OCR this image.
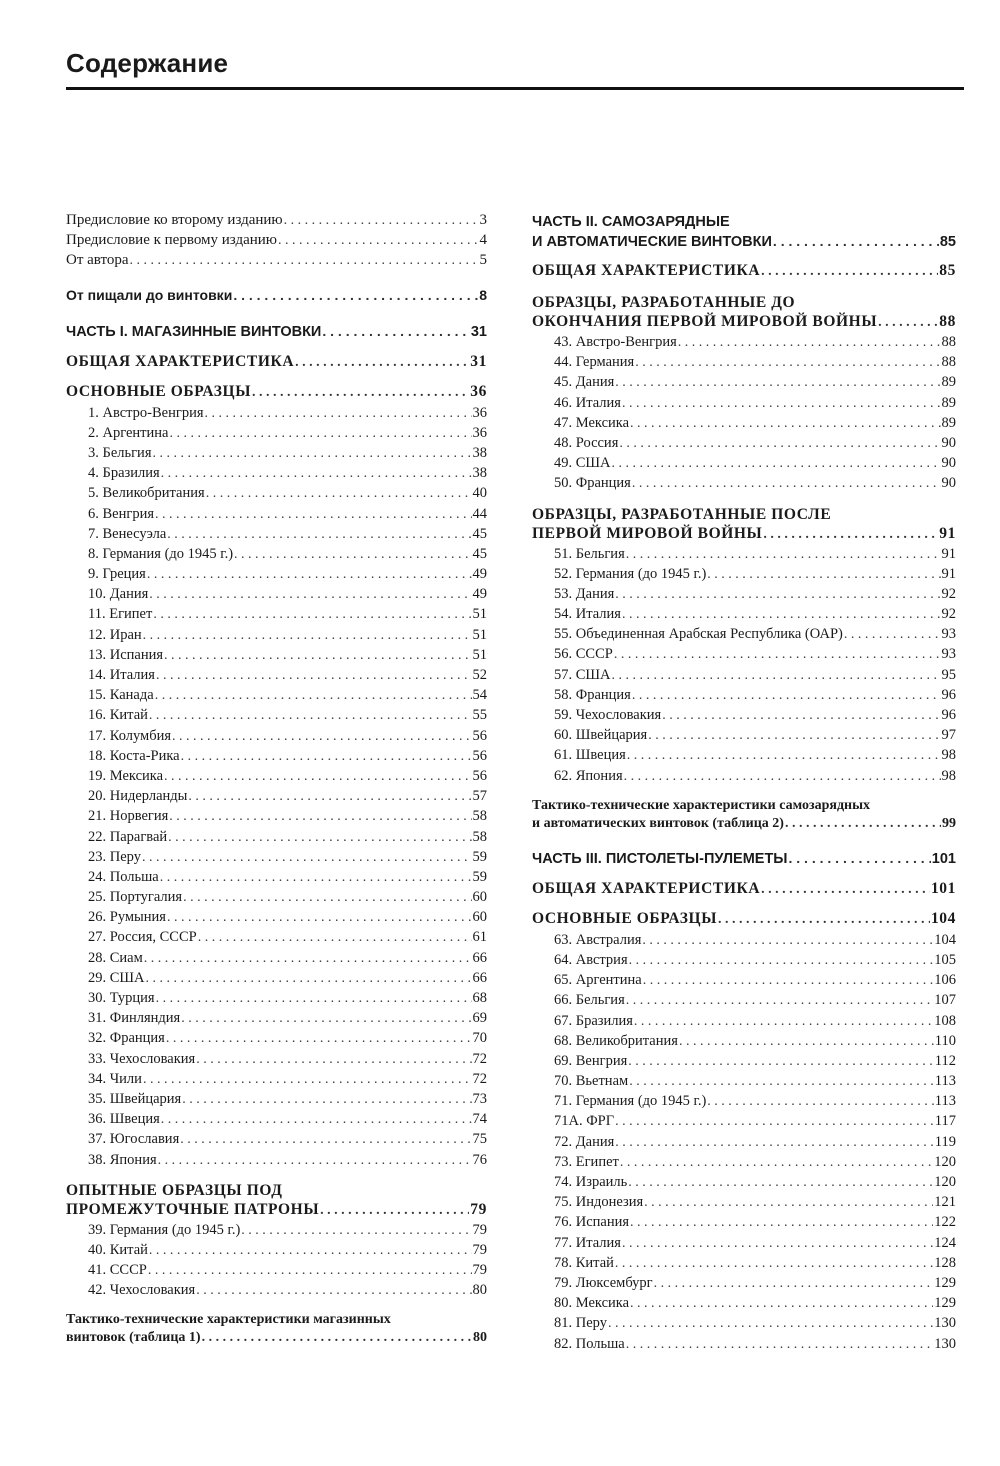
Содержание
Предисловие ко второму изданию . . .	3
Предисловие к первому изданию . . .	4
От автора . . .	5
От пищали до винтовки . . .	8
ЧАСТЬ I. МАГАЗИННЫЕ ВИНТОВКИ . . .	31
ОБЩАЯ ХАРАКТЕРИСТИКА . . .	31
ОСНОВНЫЕ ОБРАЗЦЫ . . .	36
1. Австро-Венгрия . . .	36
2. Аргентина . . .	36
3. Бельгия . . .	38
4. Бразилия . . .	38
5. Великобритания . . .	40
6. Венгрия . . .	44
7. Венесуэла . . .	45
8. Германия (до 1945 г.) . . .	45
9. Греция . . .	49
10. Дания . . .	49
11. Египет . . .	51
12. Иран . . .	51
13. Испания . . .	51
14. Италия . . .	52
15. Канада . . .	54
16. Китай . . .	55
17. Колумбия . . .	56
18. Коста-Рика . . .	56
19. Мексика . . .	56
20. Нидерланды . . .	57
21. Норвегия . . .	58
22. Парагвай . . .	58
23. Перу . . .	59
24. Польша . . .	59
25. Португалия . . .	60
26. Румыния . . .	60
27. Россия, СССР . . .	61
28. Сиам . . .	66
29. США . . .	66
30. Турция . . .	68
31. Финляндия . . .	69
32. Франция . . .	70
33. Чехословакия . . .	72
34. Чили . . .	72
35. Швейцария . . .	73
36. Швеция . . .	74
37. Югославия . . .	75
38. Япония . . .	76
ОПЫТНЫЕ ОБРАЗЦЫ ПОД
ПРОМЕЖУТОЧНЫЕ ПАТРОНЫ . . .	79
39. Германия (до 1945 г.) . . .	79
40. Китай . . .	79
41. СССР . . .	79
42. Чехословакия . . .	80
Тактико-технические характеристики магазинных
винтовок (таблица 1) . . .	80
ЧАСТЬ II. САМОЗАРЯДНЫЕ
И АВТОМАТИЧЕСКИЕ ВИНТОВКИ . . .	85
ОБЩАЯ ХАРАКТЕРИСТИКА . . .	85
ОБРАЗЦЫ, РАЗРАБОТАННЫЕ ДО
ОКОНЧАНИЯ ПЕРВОЙ МИРОВОЙ ВОЙНЫ . . .	88
43. Австро-Венгрия . . .	88
44. Германия . . .	88
45. Дания . . .	89
46. Италия . . .	89
47. Мексика . . .	89
48. Россия . . .	90
49. США . . .	90
50. Франция . . .	90
ОБРАЗЦЫ, РАЗРАБОТАННЫЕ ПОСЛЕ
ПЕРВОЙ МИРОВОЙ ВОЙНЫ . . .	91
51. Бельгия . . .	91
52. Германия (до 1945 г.) . . .	91
53. Дания . . .	92
54. Италия . . .	92
55. Объединенная Арабская Республика (ОАР) . . .	93
56. СССР . . .	93
57. США . . .	95
58. Франция . . .	96
59. Чехословакия . . .	96
60. Швейцария . . .	97
61. Швеция . . .	98
62. Япония . . .	98
Тактико-технические характеристики самозарядных
и автоматических винтовок (таблица 2) . . .	99
ЧАСТЬ III. ПИСТОЛЕТЫ-ПУЛЕМЕТЫ . . .	101
ОБЩАЯ ХАРАКТЕРИСТИКА . . .	101
ОСНОВНЫЕ ОБРАЗЦЫ . . .	104
63. Австралия . . .	104
64. Австрия . . .	105
65. Аргентина . . .	106
66. Бельгия . . .	107
67. Бразилия . . .	108
68. Великобритания . . .	110
69. Венгрия . . .	112
70. Вьетнам . . .	113
71. Германия (до 1945 г.) . . .	113
71А. ФРГ . . .	117
72. Дания . . .	119
73. Египет . . .	120
74. Израиль . . .	120
75. Индонезия . . .	121
76. Испания . . .	122
77. Италия . . .	124
78. Китай . . .	128
79. Люксембург . . .	129
80. Мексика . . .	129
81. Перу . . .	130
82. Польша . . .	130
